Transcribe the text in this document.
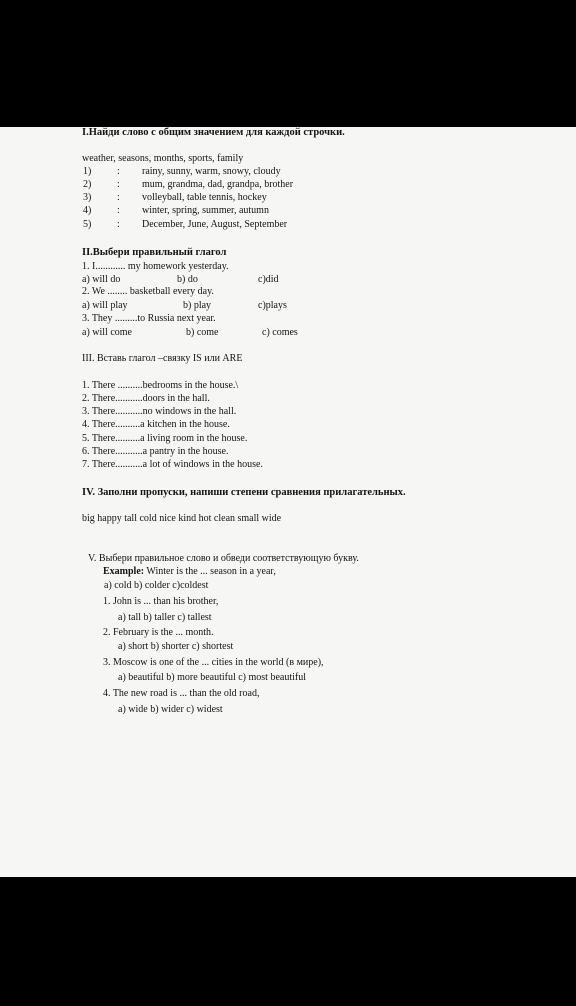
I.Найди слово с общим значением для каждой строчки.
weather, seasons, months, sports, family
1)	: rainy, sunny, warm, snowy, cloudy
2)	: mum, grandma, dad, grandpa, brother
3)	: volleyball, table tennis, hockey
4)	: winter, spring, summer, autumn
5)	: December, June, August, September
II.Выбери правильный глагол
1. I............ my homework yesterday.
a) will do	b) do	c)did
2. We ........ basketball every day.
a) will play	b) play	c)plays
3. They .........to Russia next year.
a) will come	b) come	c) comes
III. Вставь глагол –связку IS или ARE
1. There ..........bedrooms in the house.\
2. There...........doors in the hall.
3. There...........no windows in the hall.
4. There..........a kitchen in the house.
5. There..........a living room in the house.
6. There...........a pantry in the house.
7. There...........a lot of windows in the house.
IV. Заполни пропуски, напиши степени сравнения прилагательных.
big happy tall cold nice kind hot clean small wide
V. Выбери правильное слово и обведи соответствующую букву.
Example: Winter is the ... season in a year,
a) cold b) colder c)coldest
1. John is ... than his brother,
a) tall b) taller c) tallest
2. February is the ... month.
a) short b) shorter c) shortest
3. Moscow is one of the ... cities in the world (в мире),
a) beautiful b) more beautiful c) most beautiful
4. The new road is ... than the old road,
a) wide b) wider c) widest
